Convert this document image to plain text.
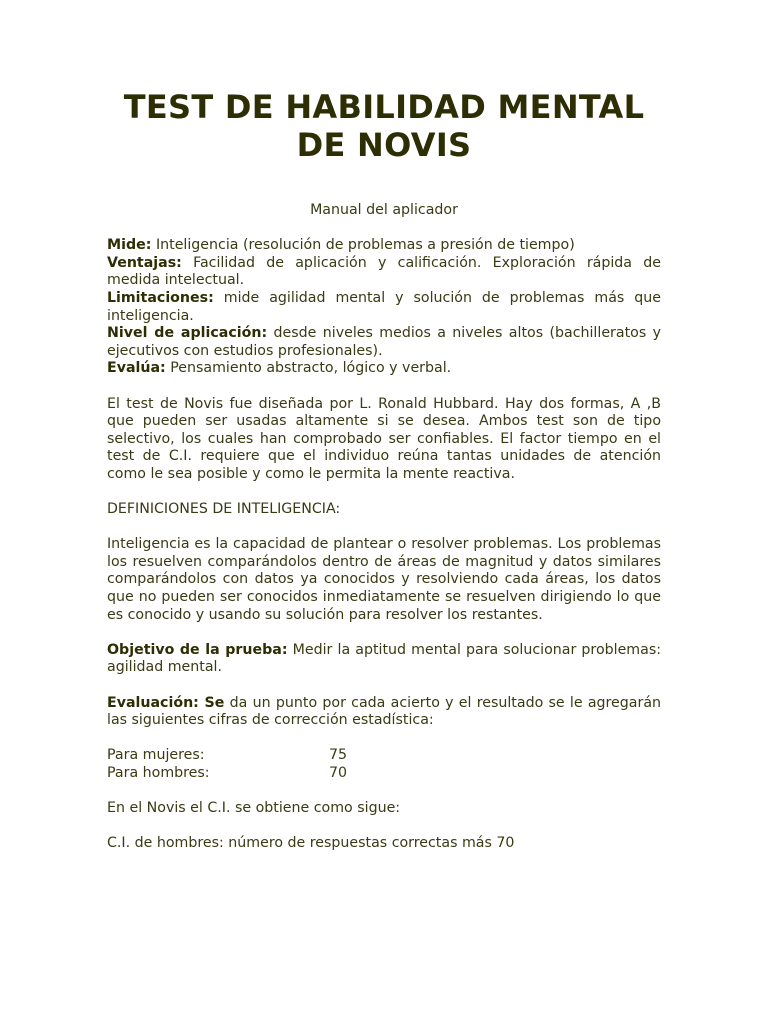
TEST DE HABILIDAD MENTAL
DE NOVIS

Manual del aplicador

Mide: Inteligencia (resolución de problemas a presión de tiempo)

Ventajas: Facilidad de aplicación y calificación. Exploración rápida de medida intelectual.

Limitaciones: mide agilidad mental y solución de problemas más que inteligencia.

Nivel de aplicación: desde niveles medios a niveles altos (bachilleratos y ejecutivos con estudios profesionales).

Evalúa: Pensamiento abstracto, lógico y verbal.

El test de Novis fue diseñada por L. Ronald Hubbard. Hay dos formas, A ,B que pueden ser usadas altamente si se desea. Ambos test son de tipo selectivo, los cuales han comprobado ser confiables. El factor tiempo en el test de C.I. requiere que el individuo reúna tantas unidades de atención como le sea posible y como le permita la mente reactiva.

DEFINICIONES DE INTELIGENCIA:

Inteligencia es la capacidad de plantear o resolver problemas. Los problemas los resuelven comparándolos dentro de áreas de magnitud y datos similares comparándolos con datos ya conocidos y resolviendo cada áreas, los datos que no pueden ser conocidos inmediatamente se resuelven dirigiendo lo que es conocido y usando su solución para resolver los restantes.

Objetivo de la prueba: Medir la aptitud mental para solucionar problemas: agilidad mental.

Evaluación: Se da un punto por cada acierto y el resultado se le agregarán las siguientes cifras de corrección estadística:

Para mujeres:	75

Para hombres:	70

En el Novis el C.I. se obtiene como sigue:

C.I. de hombres: número de respuestas correctas más 70
